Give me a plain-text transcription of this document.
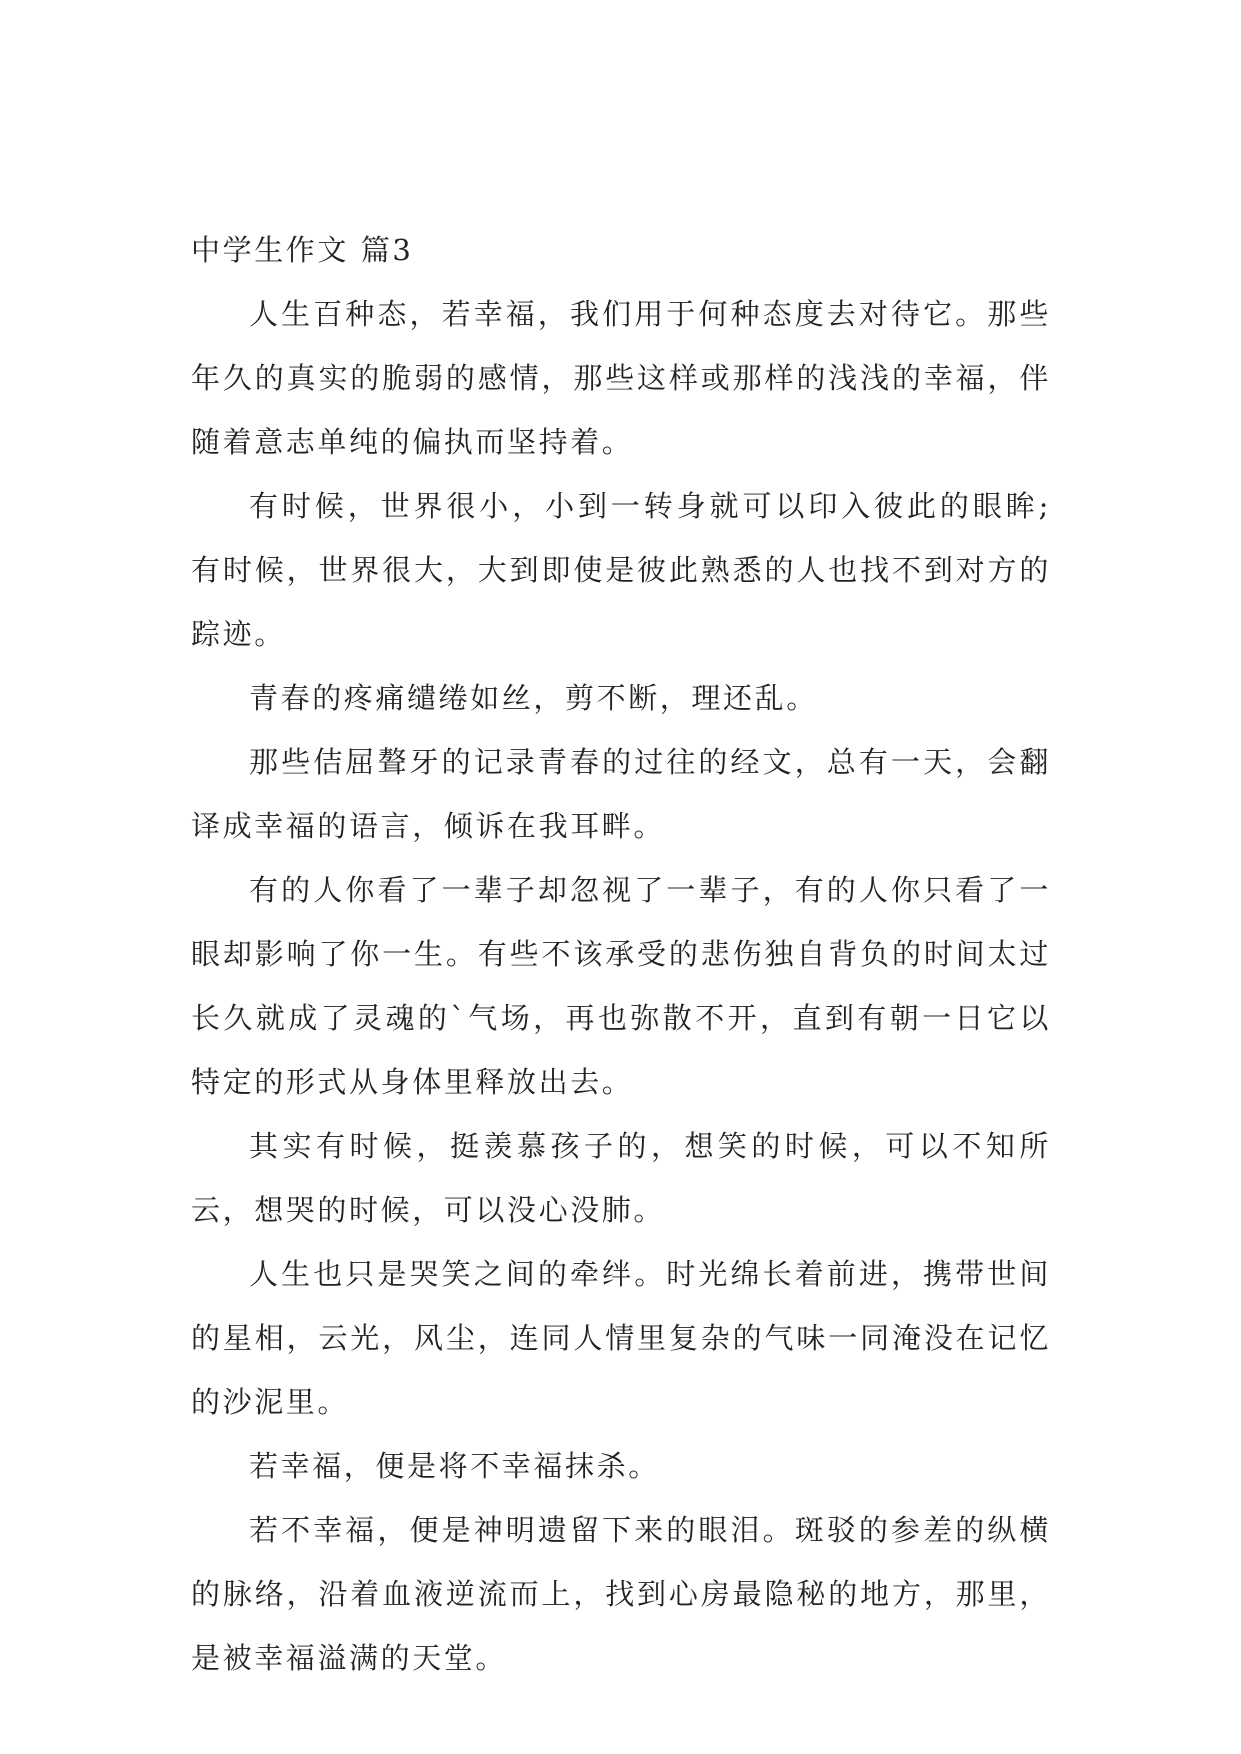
中学生作文 篇3

人生百种态，若幸福，我们用于何种态度去对待它。那些年久的真实的脆弱的感情，那些这样或那样的浅浅的幸福，伴随着意志单纯的偏执而坚持着。

有时候，世界很小，小到一转身就可以印入彼此的眼眸;有时候，世界很大，大到即使是彼此熟悉的人也找不到对方的踪迹。

青春的疼痛缱绻如丝，剪不断，理还乱。

那些佶屈聱牙的记录青春的过往的经文，总有一天，会翻译成幸福的语言，倾诉在我耳畔。

有的人你看了一辈子却忽视了一辈子，有的人你只看了一眼却影响了你一生。有些不该承受的悲伤独自背负的时间太过长久就成了灵魂的`气场，再也弥散不开，直到有朝一日它以特定的形式从身体里释放出去。

其实有时候，挺羡慕孩子的，想笑的时候，可以不知所云，想哭的时候，可以没心没肺。

人生也只是哭笑之间的牵绊。时光绵长着前进，携带世间的星相，云光，风尘，连同人情里复杂的气味一同淹没在记忆的沙泥里。

若幸福，便是将不幸福抹杀。

若不幸福，便是神明遗留下来的眼泪。斑驳的参差的纵横的脉络，沿着血液逆流而上，找到心房最隐秘的地方，那里，是被幸福溢满的天堂。
